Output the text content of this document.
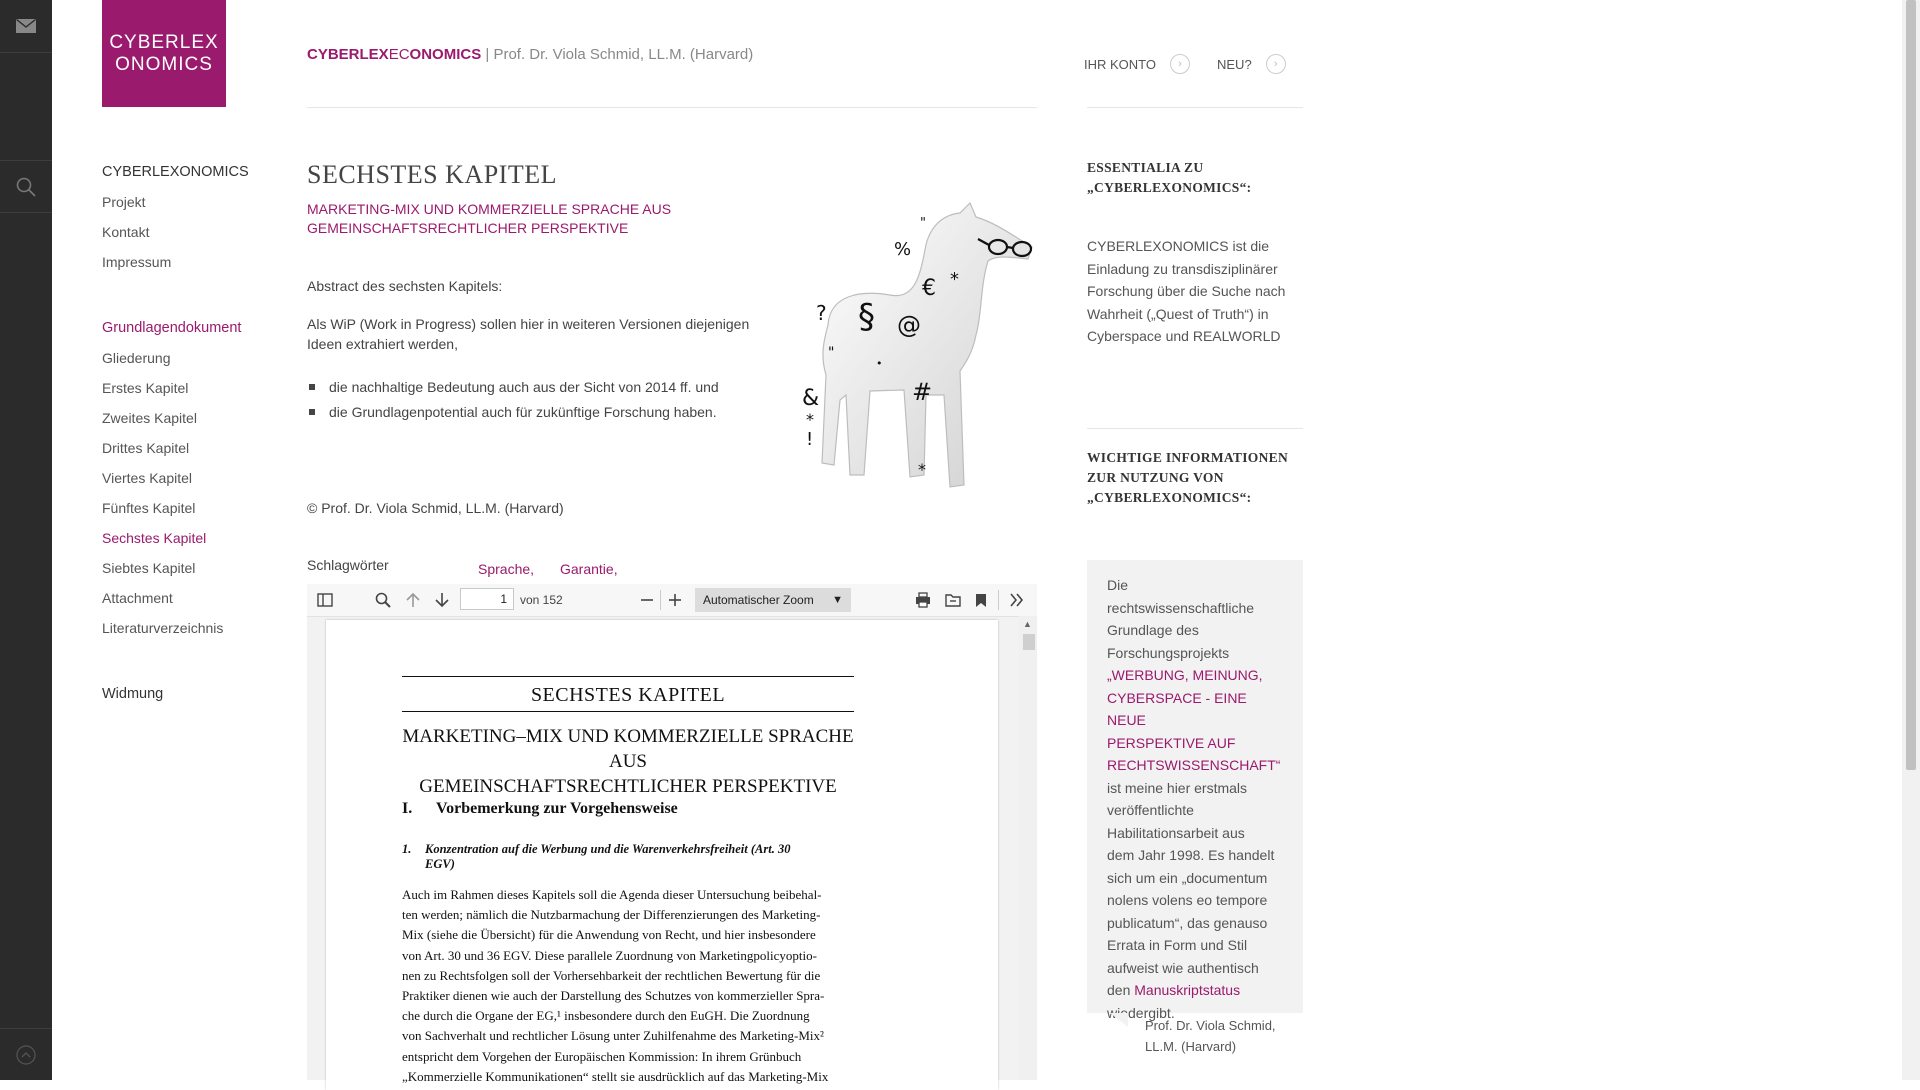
CYBERLEX
ONOMICS	CYBERLEXECONOMICS | Prof. Dr. Viola Schmid, LL.M. (Harvard)
IHR KONTO	›	NEU?	›
CYBERLEXONOMICS
Projekt
Kontakt
Impressum
Grundlagendokument
Gliederung
Erstes Kapitel
Zweites Kapitel
Drittes Kapitel
Viertes Kapitel
Fünftes Kapitel
Sechstes Kapitel
Siebtes Kapitel
Attachment
Literaturverzeichnis
Widmung
SECHSTES KAPITEL
MARKETING-MIX UND KOMMERZIELLE SPRACHE AUS
GEMEINSCHAFTSRECHTLICHER PERSPEKTIVE
Abstract des sechsten Kapitels:
Als WiP (Work in Progress) sollen hier in weiteren Versionen diejenigen
Ideen extrahiert werden,
die nachhaltige Bedeutung auch aus der Sicht von 2014 ff. und
die Grundlagenpotential auch für zukünftige Forschung haben.
%
"
€
§ @
?
*
"
#
&
*
!
*
•
© Prof. Dr. Viola Schmid, LL.M. (Harvard)
Schlagwörter	Sprache, Garantie,
1	von 152	Automatischer Zoom ▼
SECHSTES KAPITEL
MARKETING–MIX UND KOMMERZIELLE SPRACHE AUS
GEMEINSCHAFTSRECHTLICHER PERSPEKTIVE
I. Vorbemerkung zur Vorgehensweise
1. Konzentration auf die Werbung und die Warenverkehrsfreiheit (Art. 30
EGV)
Auch im Rahmen dieses Kapitels soll die Agenda dieser Untersuchung beibehal-
ten werden; nämlich die Nutzbarmachung der Differenzierungen des Marketing-
Mix (siehe die Übersicht) für die Anwendung von Recht, und hier insbesondere
von Art. 30 und 36 EGV. Diese parallele Zuordnung von Marketingpolicyoptio-
nen zu Rechtsfolgen soll der Vorhersehbarkeit der rechtlichen Bewertung für die
Praktiker dienen wie auch der Darstellung des Schutzes von kommerzieller Spra-
che durch die Organe der EG,¹ insbesondere durch den EuGH. Die Zuordnung
von Sachverhalt und rechtlicher Lösung unter Zuhilfenahme des Marketing-Mix²
entspricht dem Vorgehen der Europäischen Kommission: In ihrem Grünbuch
„Kommerzielle Kommunikationen“ stellt sie ausdrücklich auf das Marketing-Mix
▲
ESSENTIALIA ZU
„CYBERLEXONOMICS“:
CYBERLEXONOMICS ist die
Einladung zu transdisziplinärer
Forschung über die Suche nach
Wahrheit („Quest of Truth“) in
Cyberspace und REALWORLD
WICHTIGE INFORMATIONEN
ZUR NUTZUNG VON
„CYBERLEXONOMICS“:
Die
rechtswissenschaftliche
Grundlage des
Forschungsprojekts
„WERBUNG, MEINUNG,
CYBERSPACE - EINE NEUE
PERSPEKTIVE AUF
RECHTSWISSENSCHAFT“
ist meine hier erstmals
veröffentlichte
Habilitationsarbeit aus
dem Jahr 1998. Es handelt
sich um ein „documentum
nolens volens eo tempore
publicatum“, das genauso
Errata in Form und Stil
aufweist wie authentisch
den Manuskriptstatus
wiedergibt.
Prof. Dr. Viola Schmid,
LL.M. (Harvard)
